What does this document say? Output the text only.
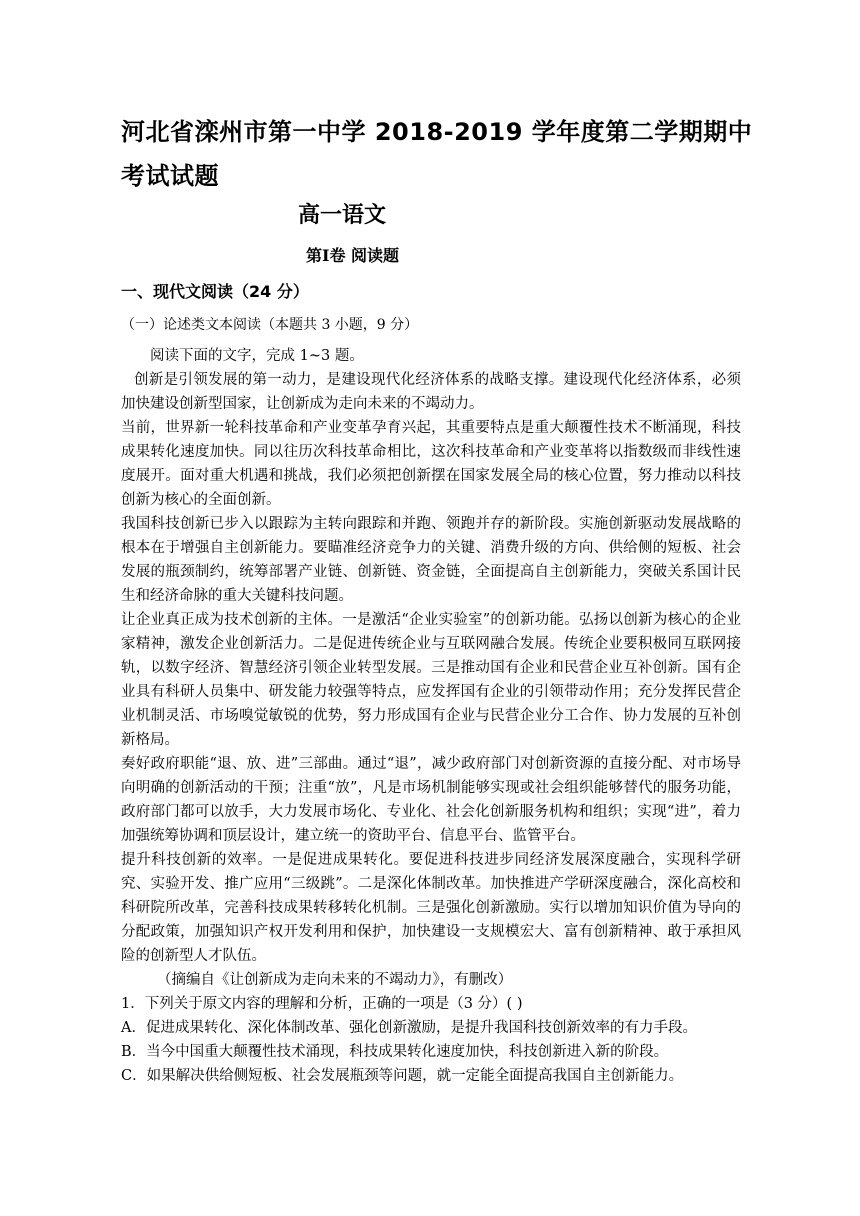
河北省滦州市第一中学 2018-2019 学年度第二学期期中考试试题
高一语文
第Ⅰ卷 阅读题
一、现代文阅读（24 分）
（一）论述类文本阅读（本题共 3 小题，9 分）

阅读下面的文字，完成 1~3 题。

创新是引领发展的第一动力，是建设现代化经济体系的战略支撑。建设现代化经济体系，必须加快建设创新型国家，让创新成为走向未来的不竭动力。

当前，世界新一轮科技革命和产业变革孕育兴起，其重要特点是重大颠覆性技术不断涌现，科技成果转化速度加快。同以往历次科技革命相比，这次科技革命和产业变革将以指数级而非线性速度展开。面对重大机遇和挑战，我们必须把创新摆在国家发展全局的核心位置，努力推动以科技创新为核心的全面创新。

我国科技创新已步入以跟踪为主转向跟踪和并跑、领跑并存的新阶段。实施创新驱动发展战略的根本在于增强自主创新能力。要瞄准经济竞争力的关键、消费升级的方向、供给侧的短板、社会发展的瓶颈制约，统筹部署产业链、创新链、资金链，全面提高自主创新能力，突破关系国计民生和经济命脉的重大关键科技问题。

让企业真正成为技术创新的主体。一是激活“企业实验室”的创新功能。弘扬以创新为核心的企业家精神，激发企业创新活力。二是促进传统企业与互联网融合发展。传统企业要积极同互联网接轨，以数字经济、智慧经济引领企业转型发展。三是推动国有企业和民营企业互补创新。国有企业具有科研人员集中、研发能力较强等特点，应发挥国有企业的引领带动作用；充分发挥民营企业机制灵活、市场嗅觉敏锐的优势，努力形成国有企业与民营企业分工合作、协力发展的互补创新格局。

奏好政府职能“退、放、进”三部曲。通过“退”，减少政府部门对创新资源的直接分配、对市场导向明确的创新活动的干预；注重“放”，凡是市场机制能够实现或社会组织能够替代的服务功能，政府部门都可以放手，大力发展市场化、专业化、社会化创新服务机构和组织；实现“进”，着力加强统筹协调和顶层设计，建立统一的资助平台、信息平台、监管平台。

提升科技创新的效率。一是促进成果转化。要促进科技进步同经济发展深度融合，实现科学研究、实验开发、推广应用“三级跳”。二是深化体制改革。加快推进产学研深度融合，深化高校和科研院所改革，完善科技成果转移转化机制。三是强化创新激励。实行以增加知识价值为导向的分配政策，加强知识产权开发利用和保护，加快建设一支规模宏大、富有创新精神、敢于承担风险的创新型人才队伍。

（摘编自《让创新成为走向未来的不竭动力》，有删改）

1．下列关于原文内容的理解和分析，正确的一项是（3 分）( )

A．促进成果转化、深化体制改革、强化创新激励，是提升我国科技创新效率的有力手段。

B．当今中国重大颠覆性技术涌现，科技成果转化速度加快，科技创新进入新的阶段。

C．如果解决供给侧短板、社会发展瓶颈等问题，就一定能全面提高我国自主创新能力。
